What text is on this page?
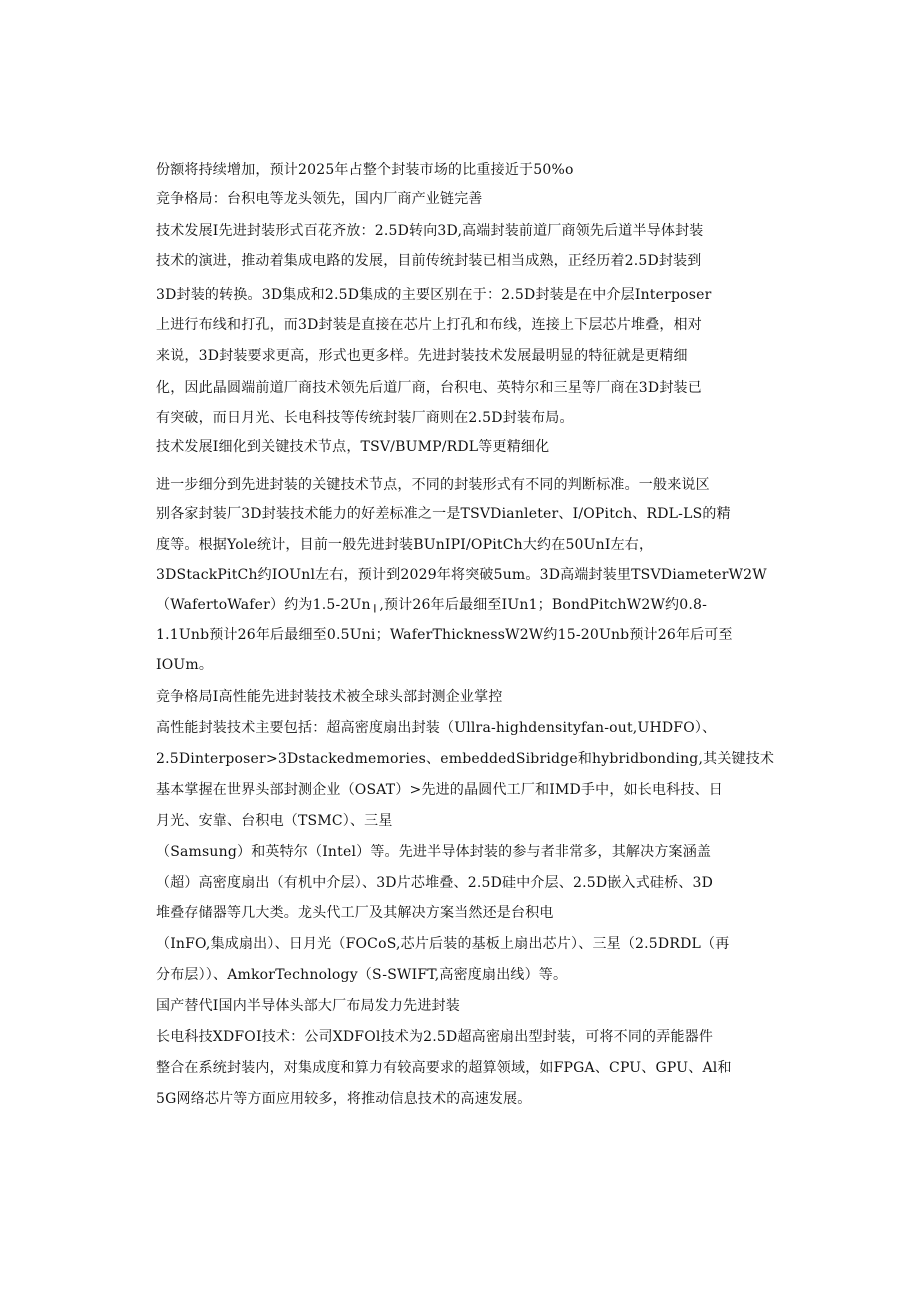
份额将持续增加，预计2025年占整个封装市场的比重接近于50%o
竞争格局：台积电等龙头领先，国内厂商产业链完善
技术发展I先进封装形式百花齐放：2.5D转向3D,高端封装前道厂商领先后道半导体封装
技术的演进，推动着集成电路的发展，目前传统封装已相当成熟，正经历着2.5D封装到
3D封装的转换。3D集成和2.5D集成的主要区别在于：2.5D封装是在中介层Interposer
上进行布线和打孔，而3D封装是直接在芯片上打孔和布线，连接上下层芯片堆叠，相对
来说，3D封装要求更高，形式也更多样。先进封装技术发展最明显的特征就是更精细
化，因此晶圆端前道厂商技术领先后道厂商，台积电、英特尔和三星等厂商在3D封装已
有突破，而日月光、长电科技等传统封装厂商则在2.5D封装布局。
技术发展I细化到关键技术节点，TSV/BUMP/RDL等更精细化
进一步细分到先进封装的关键技术节点，不同的封装形式有不同的判断标准。一般来说区
别各家封装厂3D封装技术能力的好差标准之一是TSVDianleter、I/OPitch、RDL-LS的精
度等。根据Yole统计，目前一般先进封装BUnIPI/OPitCh大约在50UnI左右，
3DStackPitCh约IOUnl左右，预计到2029年将突破5um。3D高端封装里TSVDiameterW2W
（WafertoWafer）约为1.5-2Un╷,预计26年后最细至IUn1；BondPitchW2W约0.8-
1.1Unb预计26年后最细至0.5Uni；WaferThicknessW2W约15-20Unb预计26年后可至
IOUm。
竞争格局I高性能先进封装技术被全球头部封测企业掌控
高性能封装技术主要包括：超高密度扇出封装（Ullra-highdensityfan-out,UHDFO）、
2.5Dinterposer>3Dstackedmemories、embeddedSibridge和hybridbonding,其关键技术
基本掌握在世界头部封测企业（OSAT）>先进的晶圆代工厂和IMD手中，如长电科技、日
月光、安靠、台积电（TSMC）、三星
（Samsung）和英特尔（Intel）等。先进半导体封装的参与者非常多，其解决方案涵盖
（超）高密度扇出（有机中介层）、3D片芯堆叠、2.5D硅中介层、2.5D嵌入式硅桥、3D
堆叠存储器等几大类。龙头代工厂及其解决方案当然还是台积电
（InFO,集成扇出）、日月光（FOCoS,芯片后装的基板上扇出芯片）、三星（2.5DRDL（再
分布层））、AmkorTechnology（S-SWIFT,高密度扇出线）等。
国产替代I国内半导体头部大厂布局发力先进封装
长电科技XDFOI技术：公司XDFOl技术为2.5D超高密扇出型封装，可将不同的弄能器件
整合在系统封装内，对集成度和算力有较高要求的超算领域，如FPGA、CPU、GPU、Al和
5G网络芯片等方面应用较多，将推动信息技术的高速发展。
